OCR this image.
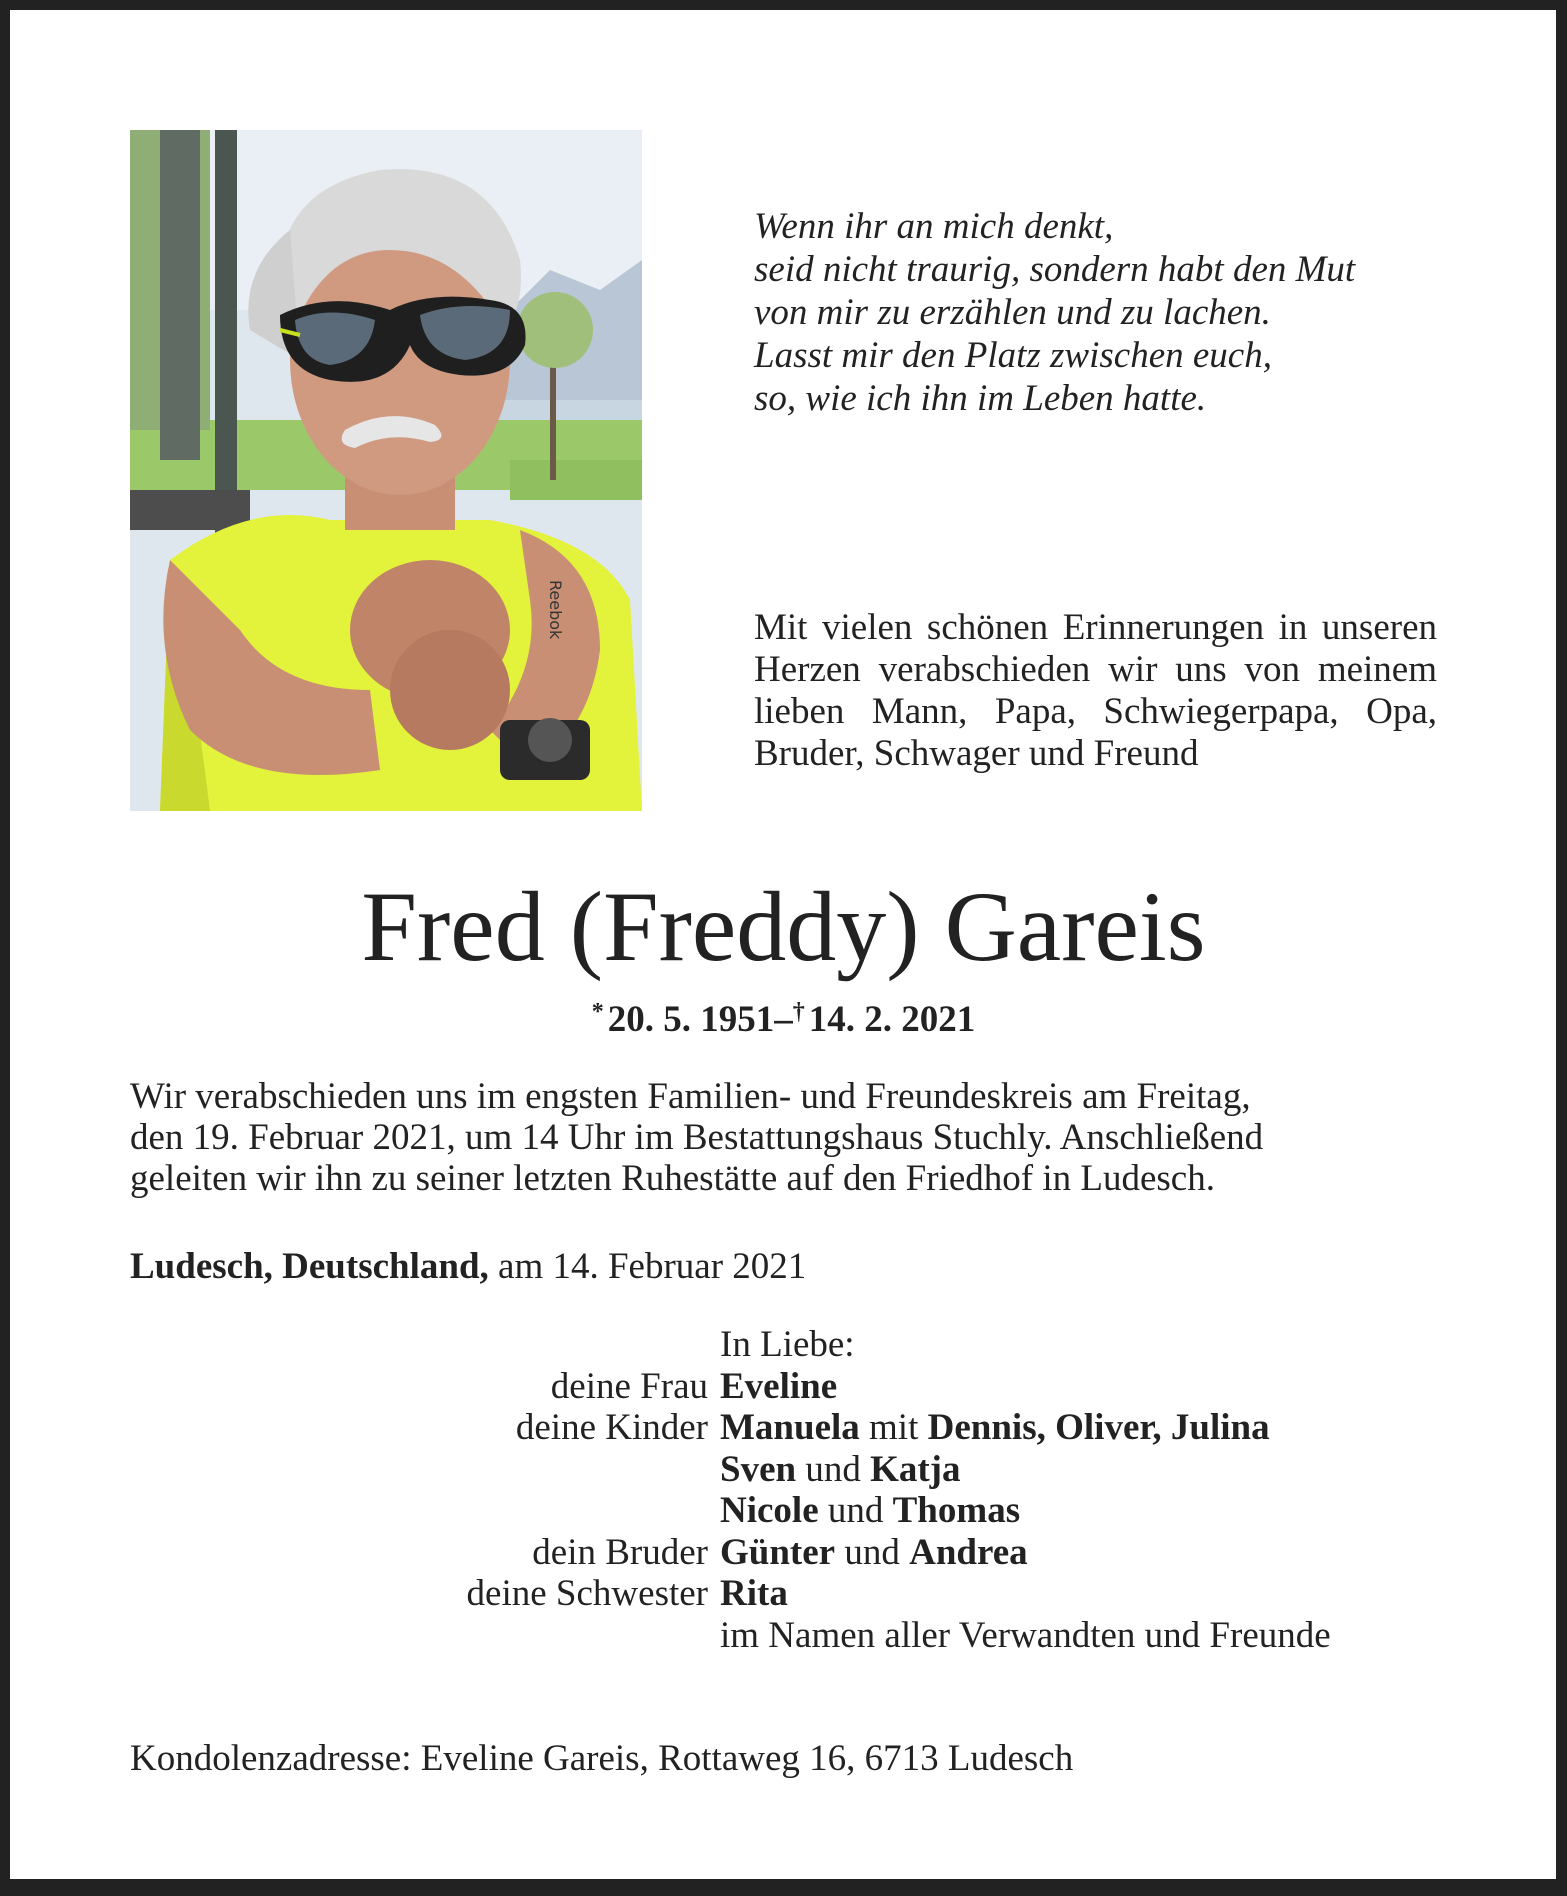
Reebok
Wenn ihr an mich denkt,
seid nicht traurig, sondern habt den Mut
von mir zu erzählen und zu lachen.
Lasst mir den Platz zwischen euch,
so, wie ich ihn im Leben hatte.
Mit vielen schönen Erinnerungen in unseren Herzen verabschieden wir uns von meinem lieben Mann, Papa, Schwiegerpapa, Opa, Bruder, Schwager und Freund
Fred (Freddy) Gareis
* 20. 5. 1951–† 14. 2. 2021
Wir verabschieden uns im engsten Familien- und Freundeskreis am Freitag,
den 19. Februar 2021, um 14 Uhr im Bestattungshaus Stuchly. Anschließend
geleiten wir ihn zu seiner letzten Ruhestätte auf den Friedhof in Ludesch.
Ludesch, Deutschland, am 14. Februar 2021
In Liebe:
deine Frau Eveline
deine Kinder Manuela mit Dennis, Oliver, Julina
Sven und Katja
Nicole und Thomas
dein Bruder Günter und Andrea
deine Schwester Rita
im Namen aller Verwandten und Freunde
Kondolenzadresse: Eveline Gareis, Rottaweg 16, 6713 Ludesch
